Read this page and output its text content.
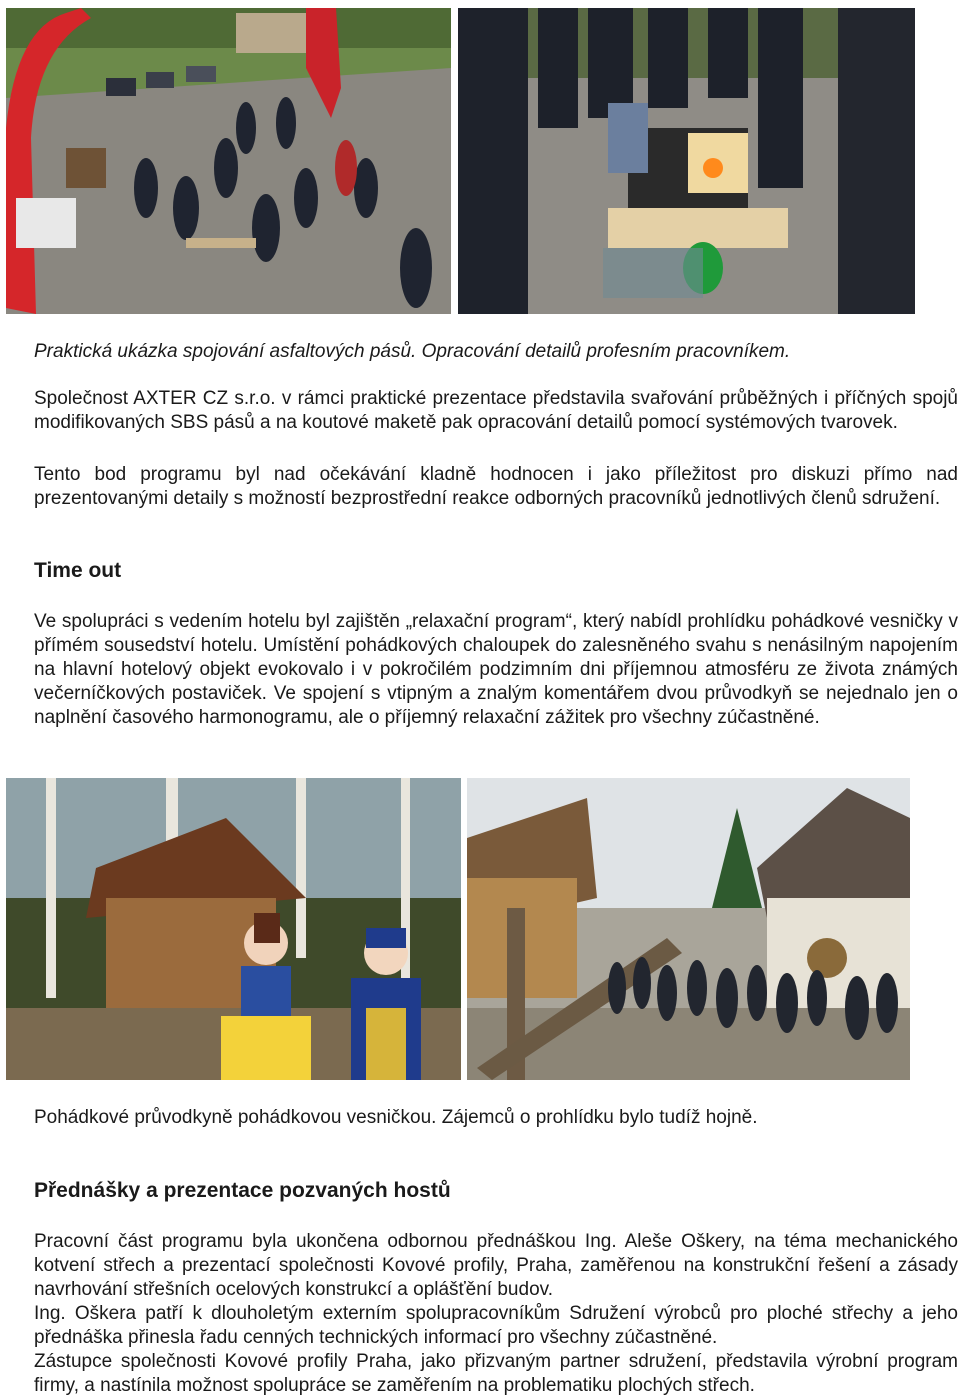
Praktická ukázka spojování asfaltových pásů. Opracování detailů profesním pracovníkem.

Společnost AXTER CZ s.r.o. v rámci praktické prezentace představila svařování průběžných i příčných spojů modifikovaných SBS pásů a na koutové maketě pak opracování detailů pomocí systémových tvarovek.

Tento bod programu byl nad očekávání kladně hodnocen i jako příležitost pro diskuzi přímo nad prezentovanými detaily s možností bezprostřední reakce odborných pracovníků jednotlivých členů sdružení.

Time out

Ve spolupráci s vedením hotelu byl zajištěn „relaxační program“, který nabídl prohlídku pohádkové vesničky v přímém sousedství hotelu. Umístění pohádkových chaloupek do zalesněného svahu s nenásilným napojením na hlavní hotelový objekt evokovalo i v pokročilém podzimním dni příjemnou atmosféru ze života známých večerníčkových postaviček. Ve spojení s vtipným a znalým komentářem dvou průvodkyň se nejednalo jen o naplnění časového harmonogramu, ale o příjemný relaxační zážitek pro všechny zúčastněné.

Pohádkové průvodkyně pohádkovou vesničkou. Zájemců o prohlídku bylo tudíž hojně.
Přednášky a prezentace pozvaných hostů

Pracovní část programu byla ukončena odbornou přednáškou Ing. Aleše Oškery, na téma mechanického kotvení střech a prezentací společnosti Kovové profily, Praha, zaměřenou na konstrukční řešení a zásady navrhování střešních ocelových konstrukcí a oplášťění budov.

Ing. Oškera patří k dlouholetým externím spolupracovníkům Sdružení výrobců pro ploché střechy a jeho přednáška přinesla řadu cenných technických informací pro všechny zúčastněné.

Zástupce společnosti Kovové profily Praha, jako přizvaným partner sdružení, představila výrobní program firmy, a nastínila možnost spolupráce se zaměřením na problematiku plochých střech.
